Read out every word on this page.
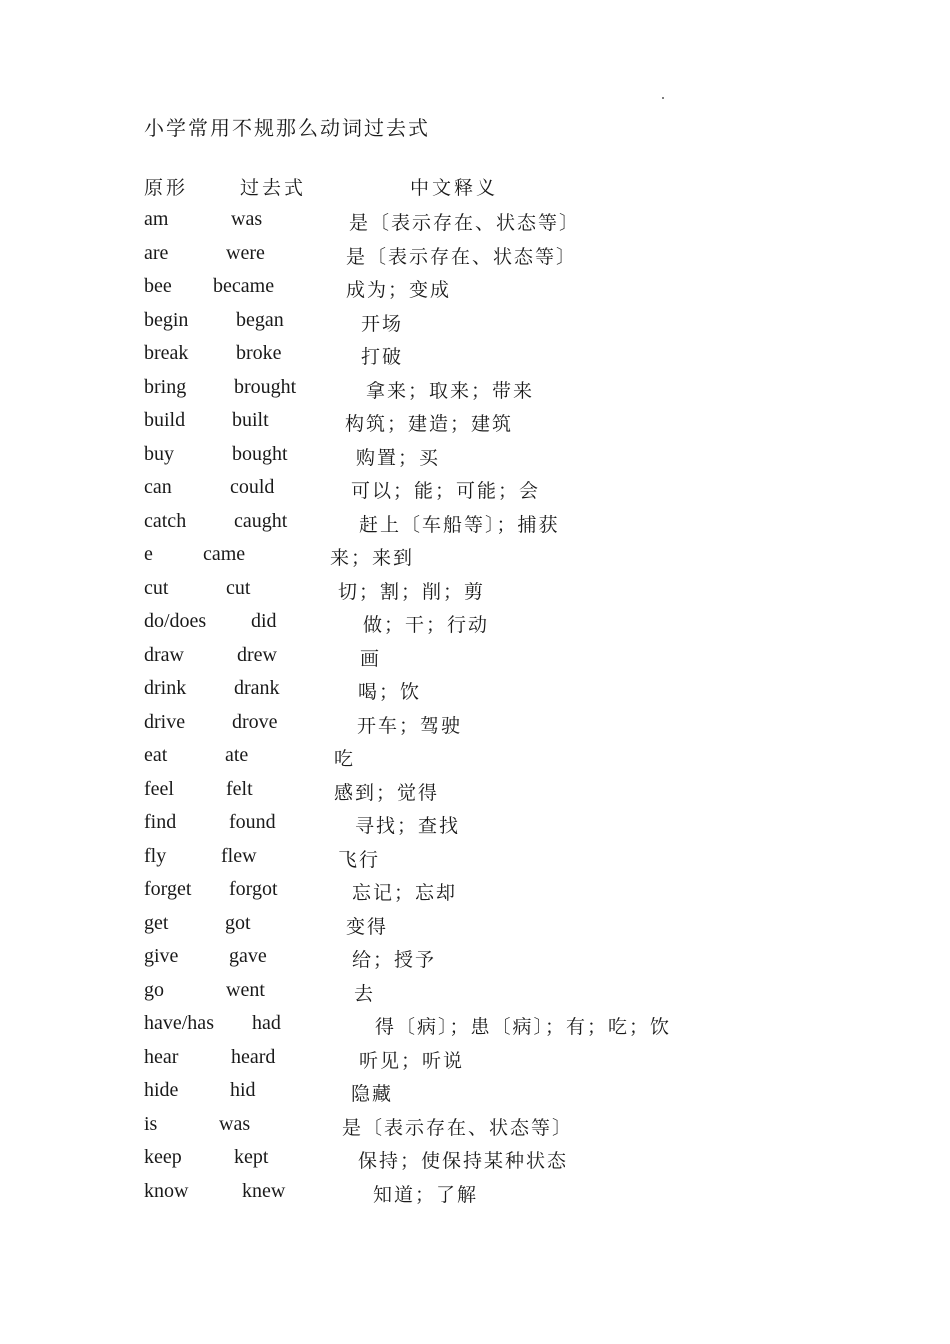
小学常用不规那么动词过去式
原形	过去式	中文释义
am	was	是〔表示存在、状态等〕
are	were	是〔表示存在、状态等〕
bee became	成为；变成
begin began	开场
break broke	打破
bring brought	拿来；取来；带来
build built	构筑；建造；建筑
buy	bought	购置；买
can	could	可以；能；可能；会
catch caught	赶上〔车船等〕；捕获
e	came	来；来到
cut	cut	切；割；削；剪
do/does did	做；干；行动
draw	drew	画
drink drank	喝；饮
drive drove	开车；驾驶
eat	ate	吃
feel	felt	感到；觉得
find	found	寻找；查找
fly	flew	飞行
forget forgot	忘记；忘却
get	got	变得
give	gave	给；授予
go	went	去
have/has had	得〔病〕；患〔病〕；有；吃；饮
hear	heard	听见；听说
hide	hid	隐藏
is	was	是〔表示存在、状态等〕
keep	kept	保持；使保持某种状态
know	knew	知道；了解
